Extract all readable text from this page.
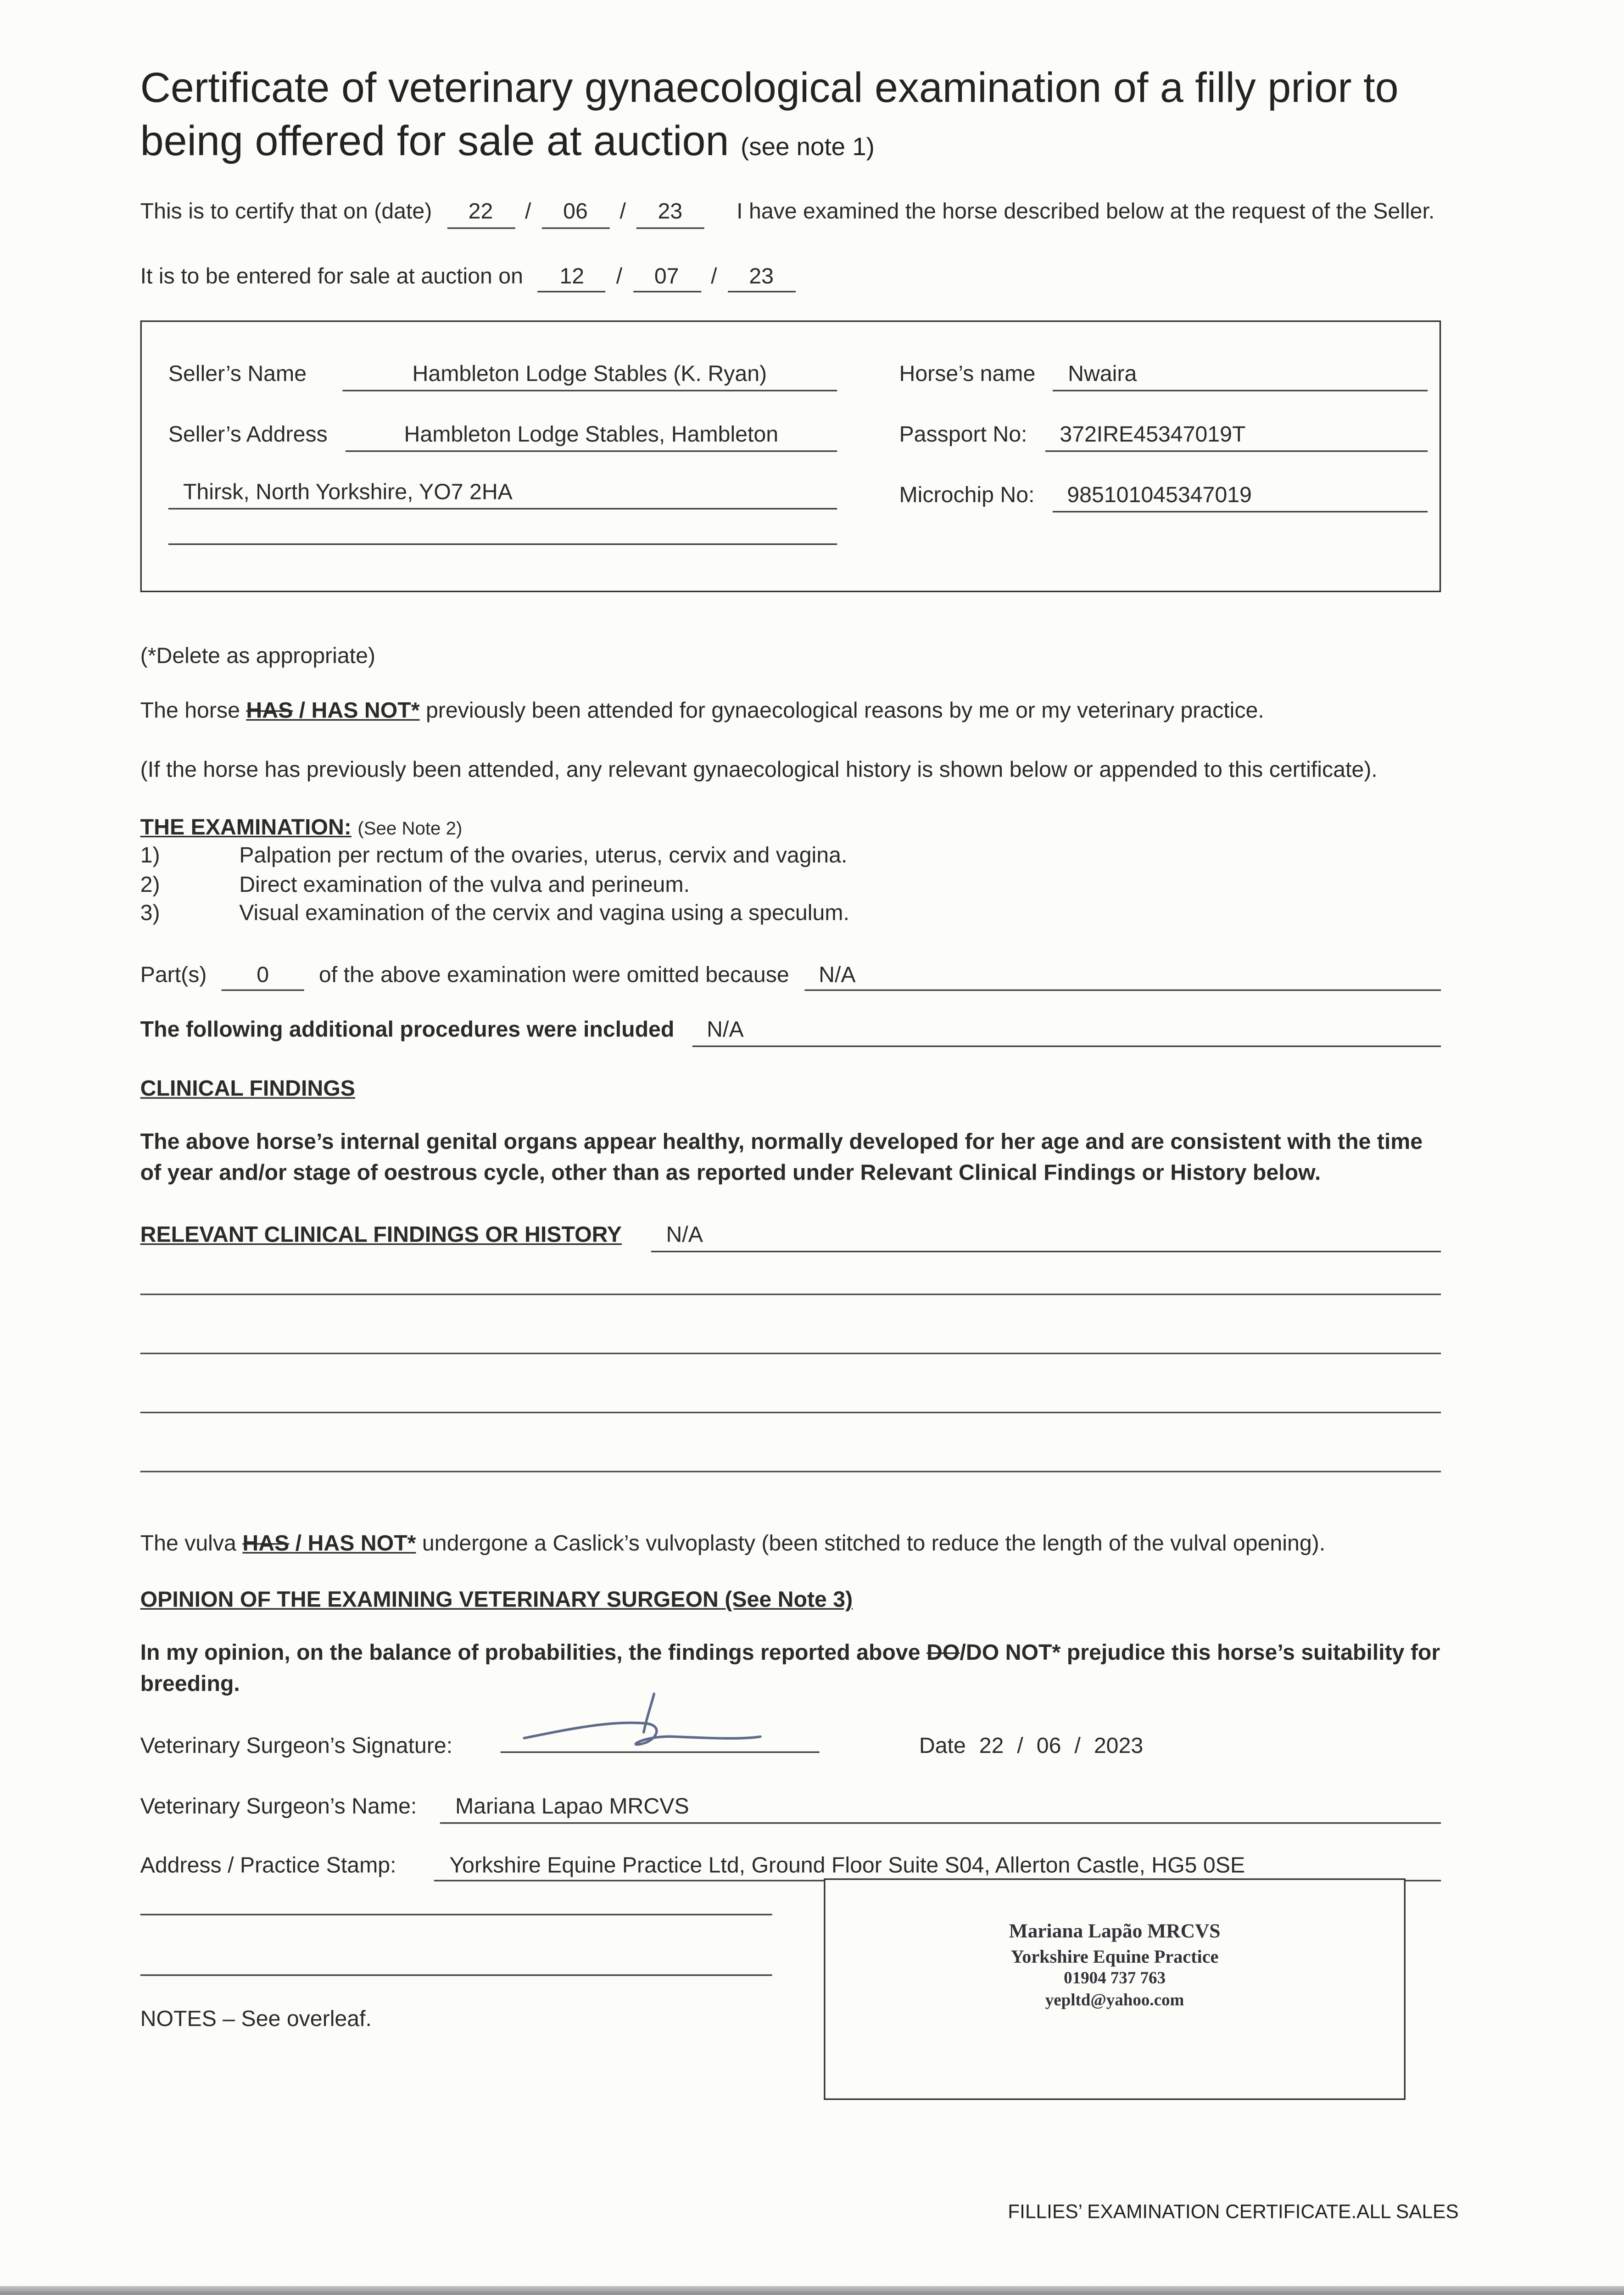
Certificate of veterinary gynaecological examination of a filly prior to
being offered for sale at auction (see note 1)
This is to certify that on (date)	22	/	06	/	23	I have examined the horse described below at the request of the Seller.
It is to be entered for sale at auction on	12	/	07	/	23
Seller’s Name	Hambleton Lodge Stables (K. Ryan)	Horse’s name	Nwaira
Seller’s Address	Hambleton Lodge Stables, Hambleton	Passport No:	372IRE45347019T
Thirsk, North Yorkshire, YO7 2HA	Microchip No:	985101045347019
(*Delete as appropriate)
The horse HAS / HAS NOT* previously been attended for gynaecological reasons by me or my veterinary practice.
(If the horse has previously been attended, any relevant gynaecological history is shown below or appended to this certificate).
THE EXAMINATION: (See Note 2)
1)	Palpation per rectum of the ovaries, uterus, cervix and vagina.
2)	Direct examination of the vulva and perineum.
3)	Visual examination of the cervix and vagina using a speculum.
Part(s)	0	of the above examination were omitted because	N/A
The following additional procedures were included	N/A
CLINICAL FINDINGS
The above horse’s internal genital organs appear healthy, normally developed for her age and are consistent with the time of year and/or stage of oestrous cycle, other than as reported under Relevant Clinical Findings or History below.
RELEVANT CLINICAL FINDINGS OR HISTORY	N/A
The vulva HAS / HAS NOT* undergone a Caslick’s vulvoplasty (been stitched to reduce the length of the vulval opening).
OPINION OF THE EXAMINING VETERINARY SURGEON (See Note 3)
In my opinion, on the balance of probabilities, the findings reported above DO/DO NOT* prejudice this horse’s suitability for breeding.
Veterinary Surgeon’s Signature:	Date	22	/	06	/	2023
Veterinary Surgeon’s Name:	Mariana Lapao MRCVS
Address / Practice Stamp:	Yorkshire Equine Practice Ltd, Ground Floor Suite S04, Allerton Castle, HG5 0SE
NOTES – See overleaf.
Mariana Lapão MRCVS
Yorkshire Equine Practice
01904 737 763
yepltd@yahoo.com
FILLIES’ EXAMINATION CERTIFICATE.ALL SALES
